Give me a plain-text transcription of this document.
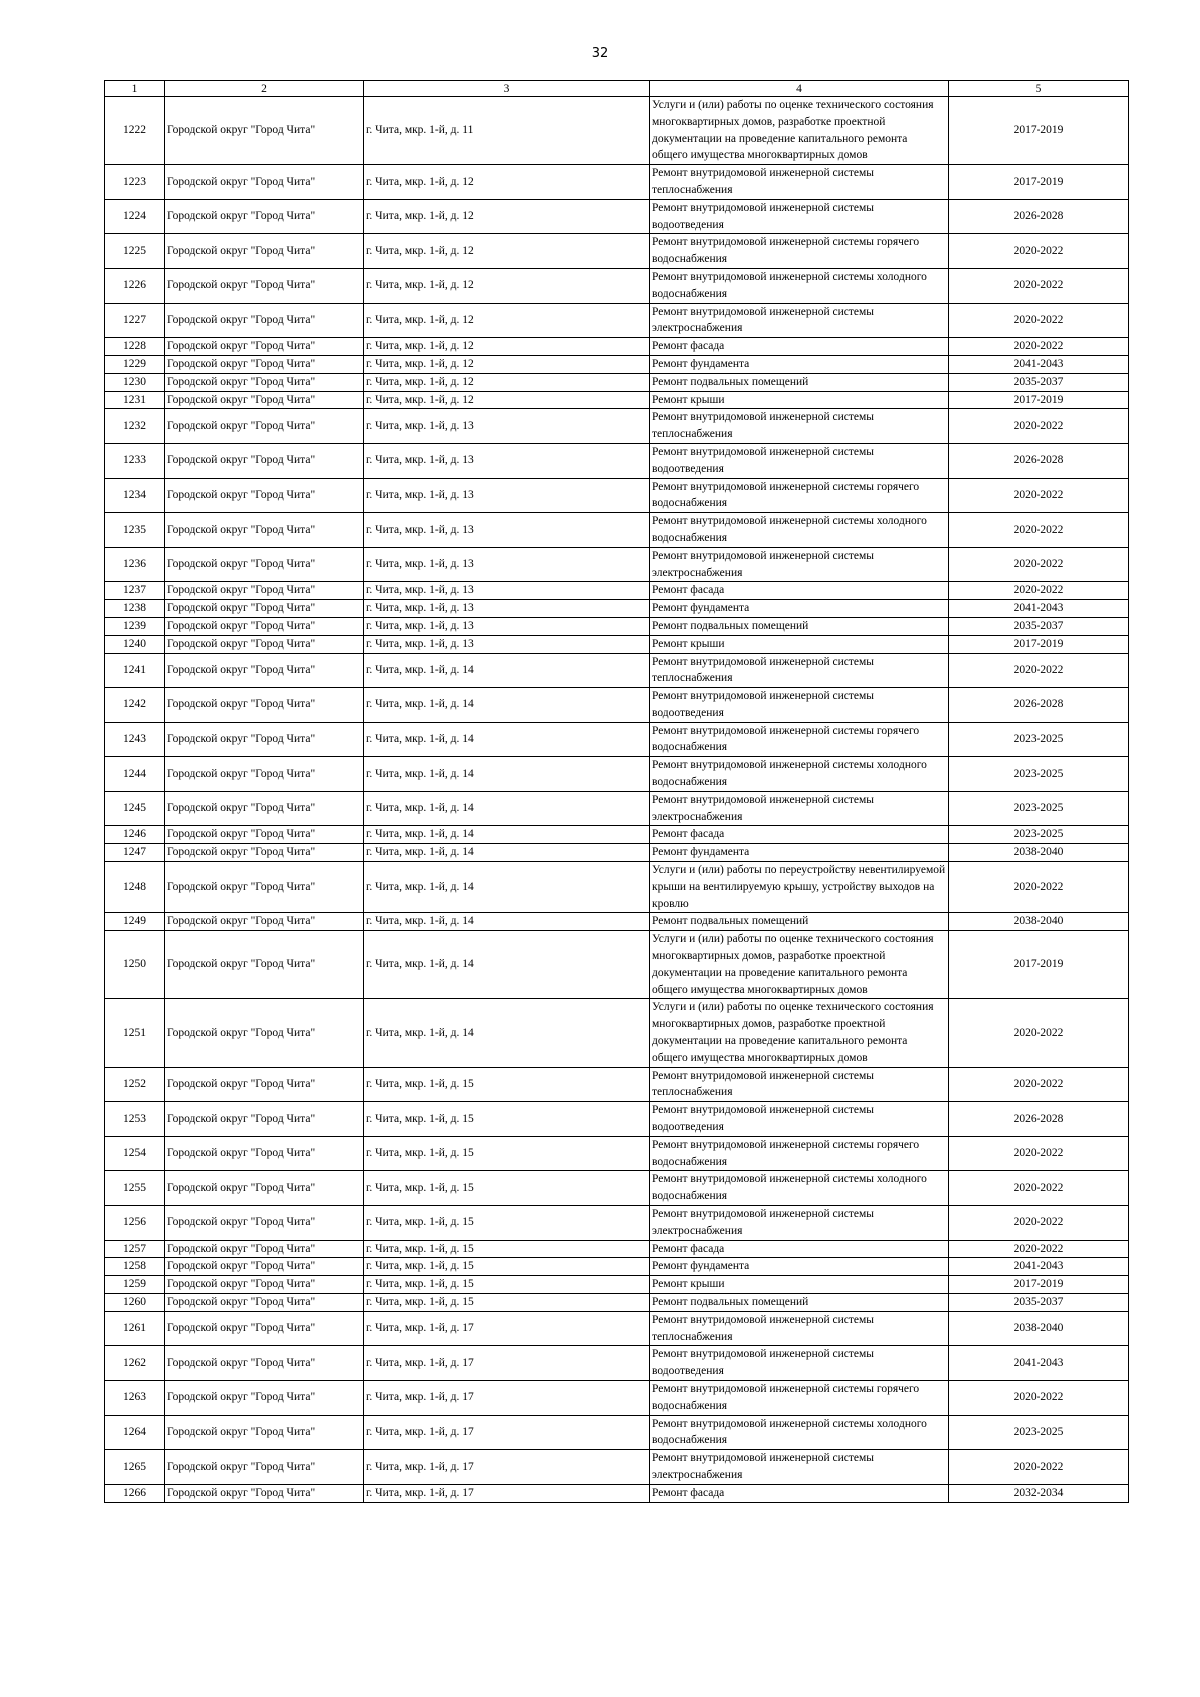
32
1	2	3	4	5
1222	Городской округ "Город Чита"	г. Чита, мкр. 1-й, д. 11	Услуги и (или) работы по оценке технического состояния многоквартирных домов, разработке проектной документации на проведение капитального ремонта общего имущества многоквартирных домов	2017-2019
1223	Городской округ "Город Чита"	г. Чита, мкр. 1-й, д. 12	Ремонт внутридомовой инженерной системы теплоснабжения	2017-2019
1224	Городской округ "Город Чита"	г. Чита, мкр. 1-й, д. 12	Ремонт внутридомовой инженерной системы водоотведения	2026-2028
1225	Городской округ "Город Чита"	г. Чита, мкр. 1-й, д. 12	Ремонт внутридомовой инженерной системы горячего водоснабжения	2020-2022
1226	Городской округ "Город Чита"	г. Чита, мкр. 1-й, д. 12	Ремонт внутридомовой инженерной системы холодного водоснабжения	2020-2022
1227	Городской округ "Город Чита"	г. Чита, мкр. 1-й, д. 12	Ремонт внутридомовой инженерной системы электроснабжения	2020-2022
1228	Городской округ "Город Чита"	г. Чита, мкр. 1-й, д. 12	Ремонт фасада	2020-2022
1229	Городской округ "Город Чита"	г. Чита, мкр. 1-й, д. 12	Ремонт фундамента	2041-2043
1230	Городской округ "Город Чита"	г. Чита, мкр. 1-й, д. 12	Ремонт подвальных помещений	2035-2037
1231	Городской округ "Город Чита"	г. Чита, мкр. 1-й, д. 12	Ремонт крыши	2017-2019
1232	Городской округ "Город Чита"	г. Чита, мкр. 1-й, д. 13	Ремонт внутридомовой инженерной системы теплоснабжения	2020-2022
1233	Городской округ "Город Чита"	г. Чита, мкр. 1-й, д. 13	Ремонт внутридомовой инженерной системы водоотведения	2026-2028
1234	Городской округ "Город Чита"	г. Чита, мкр. 1-й, д. 13	Ремонт внутридомовой инженерной системы горячего водоснабжения	2020-2022
1235	Городской округ "Город Чита"	г. Чита, мкр. 1-й, д. 13	Ремонт внутридомовой инженерной системы холодного водоснабжения	2020-2022
1236	Городской округ "Город Чита"	г. Чита, мкр. 1-й, д. 13	Ремонт внутридомовой инженерной системы электроснабжения	2020-2022
1237	Городской округ "Город Чита"	г. Чита, мкр. 1-й, д. 13	Ремонт фасада	2020-2022
1238	Городской округ "Город Чита"	г. Чита, мкр. 1-й, д. 13	Ремонт фундамента	2041-2043
1239	Городской округ "Город Чита"	г. Чита, мкр. 1-й, д. 13	Ремонт подвальных помещений	2035-2037
1240	Городской округ "Город Чита"	г. Чита, мкр. 1-й, д. 13	Ремонт крыши	2017-2019
1241	Городской округ "Город Чита"	г. Чита, мкр. 1-й, д. 14	Ремонт внутридомовой инженерной системы теплоснабжения	2020-2022
1242	Городской округ "Город Чита"	г. Чита, мкр. 1-й, д. 14	Ремонт внутридомовой инженерной системы водоотведения	2026-2028
1243	Городской округ "Город Чита"	г. Чита, мкр. 1-й, д. 14	Ремонт внутридомовой инженерной системы горячего водоснабжения	2023-2025
1244	Городской округ "Город Чита"	г. Чита, мкр. 1-й, д. 14	Ремонт внутридомовой инженерной системы холодного водоснабжения	2023-2025
1245	Городской округ "Город Чита"	г. Чита, мкр. 1-й, д. 14	Ремонт внутридомовой инженерной системы электроснабжения	2023-2025
1246	Городской округ "Город Чита"	г. Чита, мкр. 1-й, д. 14	Ремонт фасада	2023-2025
1247	Городской округ "Город Чита"	г. Чита, мкр. 1-й, д. 14	Ремонт фундамента	2038-2040
1248	Городской округ "Город Чита"	г. Чита, мкр. 1-й, д. 14	Услуги и (или) работы по переустройству невентилируемой крыши на вентилируемую крышу, устройству выходов на кровлю	2020-2022
1249	Городской округ "Город Чита"	г. Чита, мкр. 1-й, д. 14	Ремонт подвальных помещений	2038-2040
1250	Городской округ "Город Чита"	г. Чита, мкр. 1-й, д. 14	Услуги и (или) работы по оценке технического состояния многоквартирных домов, разработке проектной документации на проведение капитального ремонта общего имущества многоквартирных домов	2017-2019
1251	Городской округ "Город Чита"	г. Чита, мкр. 1-й, д. 14	Услуги и (или) работы по оценке технического состояния многоквартирных домов, разработке проектной документации на проведение капитального ремонта общего имущества многоквартирных домов	2020-2022
1252	Городской округ "Город Чита"	г. Чита, мкр. 1-й, д. 15	Ремонт внутридомовой инженерной системы теплоснабжения	2020-2022
1253	Городской округ "Город Чита"	г. Чита, мкр. 1-й, д. 15	Ремонт внутридомовой инженерной системы водоотведения	2026-2028
1254	Городской округ "Город Чита"	г. Чита, мкр. 1-й, д. 15	Ремонт внутридомовой инженерной системы горячего водоснабжения	2020-2022
1255	Городской округ "Город Чита"	г. Чита, мкр. 1-й, д. 15	Ремонт внутридомовой инженерной системы холодного водоснабжения	2020-2022
1256	Городской округ "Город Чита"	г. Чита, мкр. 1-й, д. 15	Ремонт внутридомовой инженерной системы электроснабжения	2020-2022
1257	Городской округ "Город Чита"	г. Чита, мкр. 1-й, д. 15	Ремонт фасада	2020-2022
1258	Городской округ "Город Чита"	г. Чита, мкр. 1-й, д. 15	Ремонт фундамента	2041-2043
1259	Городской округ "Город Чита"	г. Чита, мкр. 1-й, д. 15	Ремонт крыши	2017-2019
1260	Городской округ "Город Чита"	г. Чита, мкр. 1-й, д. 15	Ремонт подвальных помещений	2035-2037
1261	Городской округ "Город Чита"	г. Чита, мкр. 1-й, д. 17	Ремонт внутридомовой инженерной системы теплоснабжения	2038-2040
1262	Городской округ "Город Чита"	г. Чита, мкр. 1-й, д. 17	Ремонт внутридомовой инженерной системы водоотведения	2041-2043
1263	Городской округ "Город Чита"	г. Чита, мкр. 1-й, д. 17	Ремонт внутридомовой инженерной системы горячего водоснабжения	2020-2022
1264	Городской округ "Город Чита"	г. Чита, мкр. 1-й, д. 17	Ремонт внутридомовой инженерной системы холодного водоснабжения	2023-2025
1265	Городской округ "Город Чита"	г. Чита, мкр. 1-й, д. 17	Ремонт внутридомовой инженерной системы электроснабжения	2020-2022
1266	Городской округ "Город Чита"	г. Чита, мкр. 1-й, д. 17	Ремонт фасада	2032-2034
